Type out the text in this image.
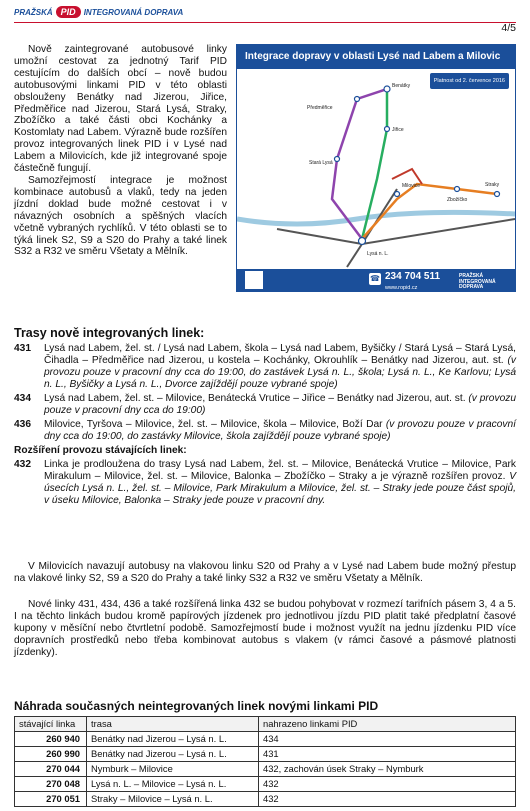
PRAŽSKÁ PID INTEGROVANÁ DOPRAVA
4/5

Nově zaintegrované autobusové linky umožní cestovat za jednotný Tarif PID cestujícím do dalších obcí – nově budou autobusovými linkami PID v této oblasti obslouženy Benátky nad Jizerou, Jiřice, Předměřice nad Jizerou, Stará Lysá, Straky, Zbožíčko a také části obci Kochánky a Kostomlaty nad Labem. Výrazně bude rozšířen provoz integrovaných linek PID i v Lysé nad Labem a Milovicích, kde již integrované spoje částečně fungují.

Samozřejmostí integrace je možnost kombinace autobusů a vlaků, tedy na jeden jízdní doklad bude možné cestovat i v návazných osobních a spěšných vlacích včetně vybraných rychlíků. V této oblasti se to týká linek S2, S9 a S20 do Prahy a také linek S32 a R32 ve směru Všetaty a Mělník.

Integrace dopravy v oblasti Lysé nad Labem a Milovic
Benátky
Předměřice
Stará Lysá
Jiřice
Lysá n. L.
Milovice
Zbožíčko
Straky
Platnost od 2. července 2016
☎ 234 704 511
www.ropid.cz
PRAŽSKÁ INTEGROVANÁ DOPRAVA
Trasy nově integrovaných linek:
431	Lysá nad Labem, žel. st. / Lysá nad Labem, škola – Lysá nad Labem, Byšičky / Stará Lysá – Stará Lysá, Čihadla – Předměřice nad Jizerou, u kostela – Kochánky, Okrouhlík – Benátky nad Jizerou, aut. st. (v provozu pouze v pracovní dny cca do 19:00, do zastávek Lysá n. L., škola; Lysá n. L., Ke Karlovu; Lysá n. L., Byšičky a Lysá n. L., Dvorce zajíždějí pouze vybrané spoje)
434	Lysá nad Labem, žel. st. – Milovice, Benátecká Vrutice – Jiřice – Benátky nad Jizerou, aut. st. (v provozu pouze v pracovní dny cca do 19:00)
436	Milovice, Tyršova – Milovice, žel. st. – Milovice, škola – Milovice, Boží Dar (v provozu pouze v pracovní dny cca do 19:00, do zastávky Milovice, škola zajíždějí pouze vybrané spoje)
Rozšíření provozu stávajících linek:
432	Linka je prodloužena do trasy Lysá nad Labem, žel. st. – Milovice, Benátecká Vrutice – Milovice, Park Mirakulum – Milovice, žel. st. – Milovice, Balonka – Zbožíčko – Straky a je výrazně rozšířen provoz. V úsecích Lysá n. L., žel. st. – Milovice, Park Mirakulum a Milovice, žel. st. – Straky jede pouze část spojů, v úseku Milovice, Balonka – Straky jede pouze v pracovní dny.

V Milovicích navazují autobusy na vlakovou linku S20 od Prahy a v Lysé nad Labem bude možný přestup na vlakové linky S2, S9 a S20 do Prahy a také linky S32 a R32 ve směru Všetaty a Mělník.

Nové linky 431, 434, 436 a také rozšířená linka 432 se budou pohybovat v rozmezí tarifních pásem 3, 4 a 5. I na těchto linkách budou kromě papírových jízdenek pro jednotlivou jízdu PID platit také předplatní časové kupony v měsíční nebo čtvrtletní podobě. Samozřejmostí bude i možnost využít na jednu jízdenku PID více dopravních prostředků nebo třeba kombinovat autobus s vlakem (v rámci časové a pásmové platnosti jízdenky).

Náhrada současných neintegrovaných linek novými linkami PID
stávající linka	trasa	nahrazeno linkami PID
260 940	Benátky nad Jizerou – Lysá n. L.	434
260 990	Benátky nad Jizerou – Lysá n. L.	431
270 044	Nymburk – Milovice	432, zachován úsek Straky – Nymburk
270 048	Lysá n. L. – Milovice – Lysá n. L.	432
270 051	Straky – Milovice – Lysá n. L.	432
